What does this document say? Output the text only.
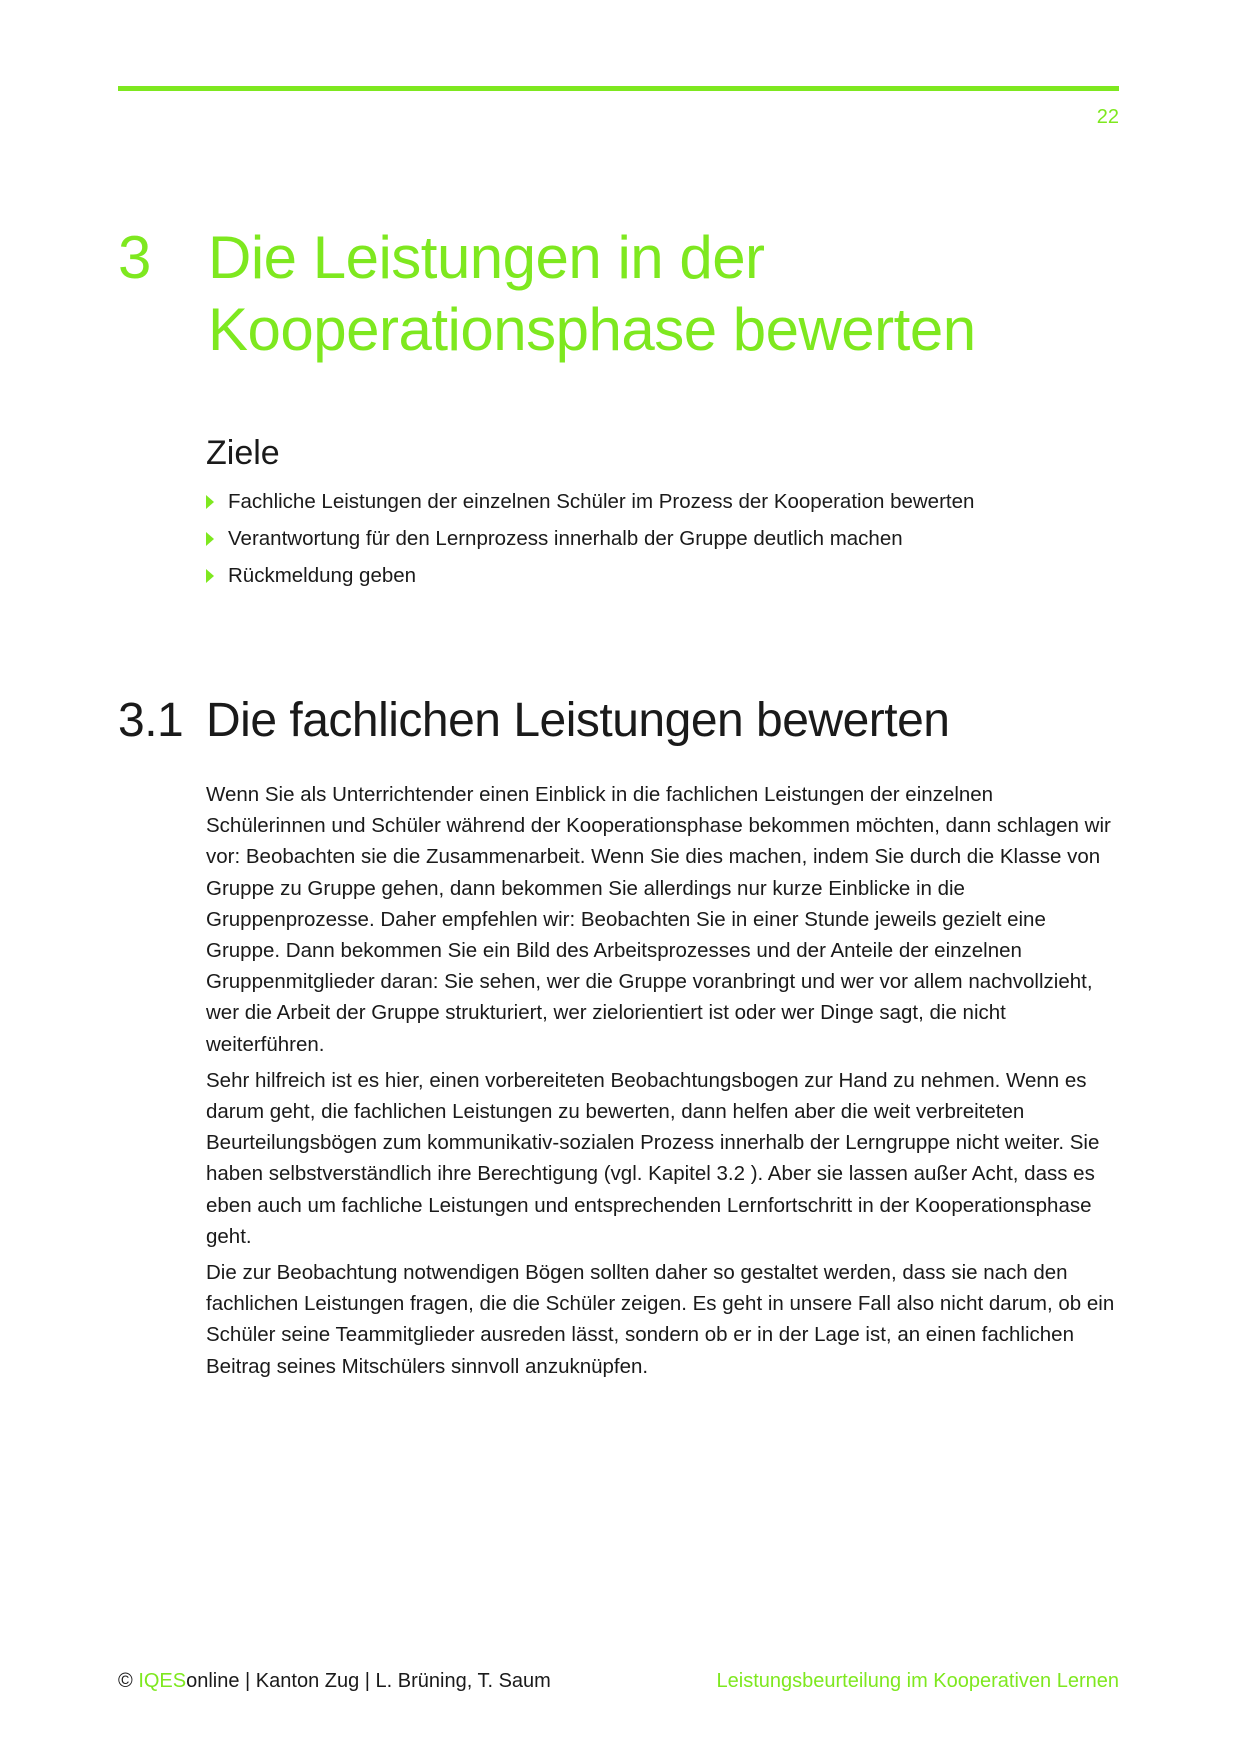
22
3 Die Leistungen in der
Kooperationsphase bewerten
Ziele
Fachliche Leistungen der einzelnen Schüler im Prozess der Kooperation bewerten
Verantwortung für den Lernprozess innerhalb der Gruppe deutlich machen
Rückmeldung geben
3.1 Die fachlichen Leistungen bewerten

Wenn Sie als Unterrichtender einen Einblick in die fachlichen Leistungen der einzelnen Schülerinnen und Schüler während der Kooperationsphase bekommen möchten, dann schlagen wir vor: Beobachten sie die Zusammenarbeit. Wenn Sie dies machen, indem Sie durch die Klasse von Gruppe zu Gruppe gehen, dann bekommen Sie allerdings nur kurze Einblicke in die Gruppenprozesse. Daher empfehlen wir: Beobachten Sie in einer Stunde jeweils gezielt eine Gruppe. Dann bekommen Sie ein Bild des Arbeitsprozesses und der Anteile der einzelnen Gruppenmitglieder daran: Sie sehen, wer die Gruppe voranbringt und wer vor allem nachvollzieht, wer die Arbeit der Gruppe strukturiert, wer zielorientiert ist oder wer Dinge sagt, die nicht weiterführen.

Sehr hilfreich ist es hier, einen vorbereiteten Beobachtungsbogen zur Hand zu nehmen. Wenn es darum geht, die fachlichen Leistungen zu bewerten, dann helfen aber die weit verbreiteten Beurteilungsbögen zum kommunikativ-sozialen Prozess innerhalb der Lerngruppe nicht weiter. Sie haben selbstverständlich ihre Berechtigung (vgl. Kapitel 3.2 ). Aber sie lassen außer Acht, dass es eben auch um fachliche Leistungen und entsprechenden Lernfortschritt in der Kooperationsphase geht.

Die zur Beobachtung notwendigen Bögen sollten daher so gestaltet werden, dass sie nach den fachlichen Leistungen fragen, die die Schüler zeigen. Es geht in unsere Fall also nicht darum, ob ein Schüler seine Teammitglieder ausreden lässt, sondern ob er in der Lage ist, an einen fachlichen Beitrag seines Mitschülers sinnvoll anzuknüpfen.

© IQESonline | Kanton Zug | L. Brüning, T. Saum	Leistungsbeurteilung im Kooperativen Lernen
